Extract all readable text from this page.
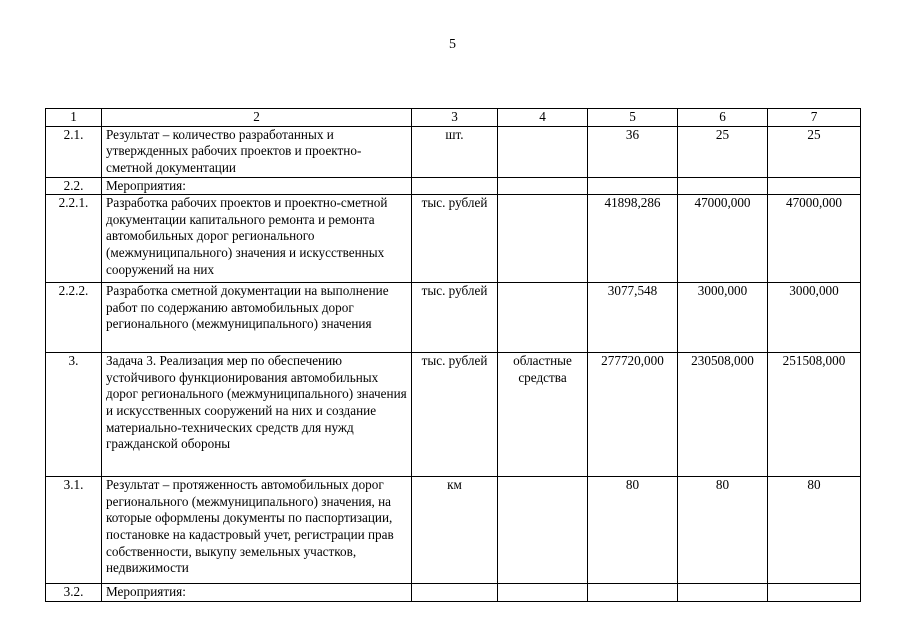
5
1	2	3	4	5	6	7
2.1.	Результат – количество разработанных и утвержденных рабочих проектов и проектно-сметной документации	шт.		36	25	25
2.2.	Мероприятия:					
2.2.1.	Разработка рабочих проектов и проектно-сметной документации капитального ремонта и ремонта автомобильных дорог регионального (межмуниципального) значения и искусственных сооружений на них	тыс. рублей		41898,286	47000,000	47000,000
2.2.2.	Разработка сметной документации на выполнение работ по содержанию автомобильных дорог регионального (межмуниципального) значения	тыс. рублей		3077,548	3000,000	3000,000
3.	Задача 3. Реализация мер по обеспечению устойчивого функционирования автомобильных дорог регионального (межмуниципального) значения и искусственных сооружений на них и создание материально-технических средств для нужд гражданской обороны	тыс. рублей	областные средства	277720,000	230508,000	251508,000
3.1.	Результат – протяженность автомобильных дорог регионального (межмуниципального) значения, на которые оформлены документы по паспортизации, постановке на кадастровый учет, регистрации прав собственности, выкупу земельных участков, недвижимости	км		80	80	80
3.2.	Мероприятия:					
